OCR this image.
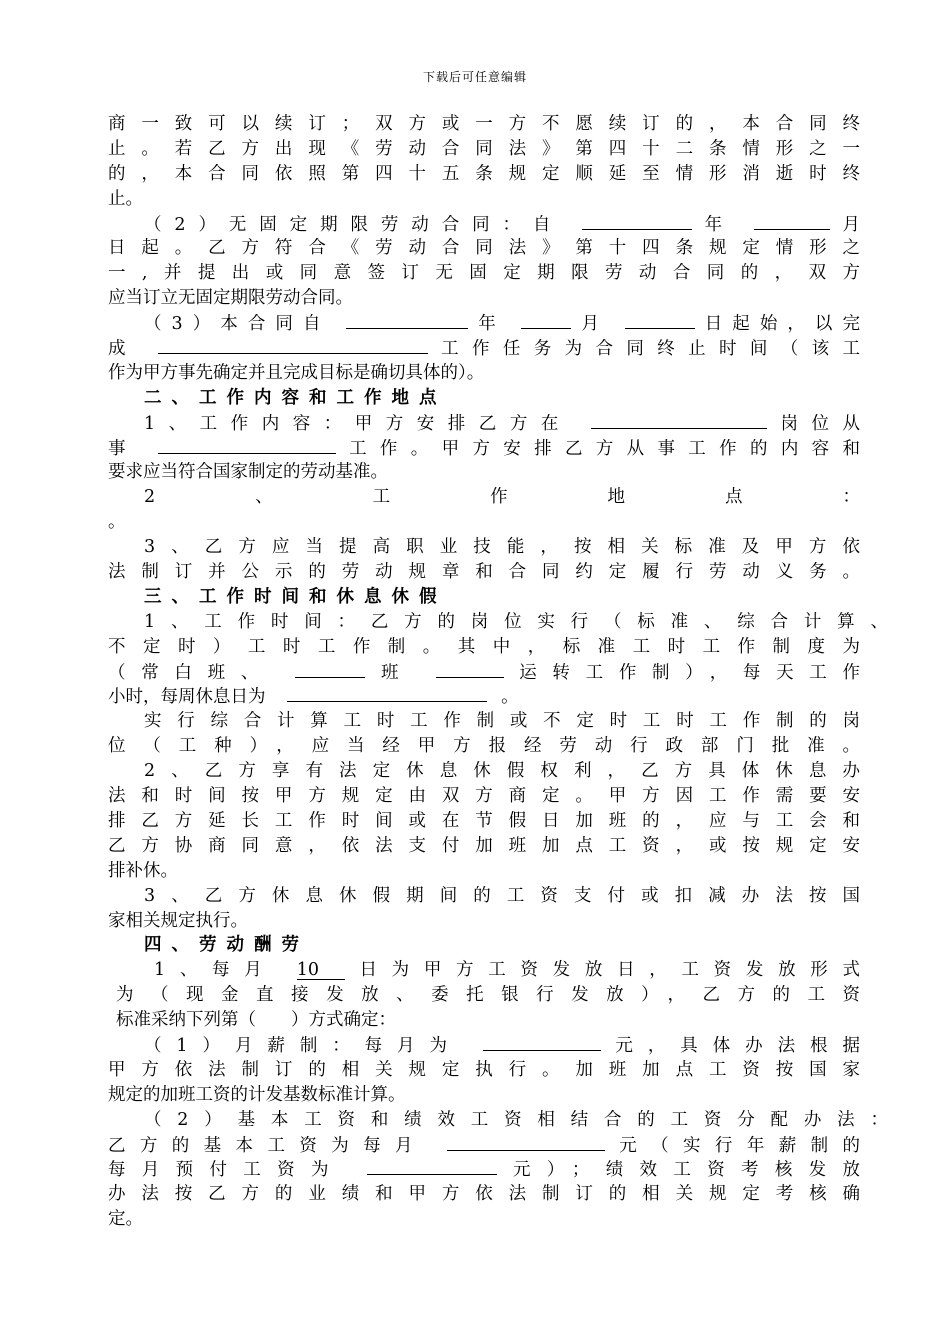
下载后可任意编辑
商一致可以续订；双方或一方不愿续订的，本合同终
止。若乙方出现《劳动合同法》第四十二条情形之一
的，本合同依照第四十五条规定顺延至情形消逝时终
止。
（2）无固定期限劳动合同：自	年	月
日起。乙方符合《劳动合同法》第十四条规定情形之
一,并提出或同意签订无固定期限劳动合同的，双方
应当订立无固定期限劳动合同。
（3）本合同自	年	月	日起始，以完
成	工作任务为合同终止时间（该工
作为甲方事先确定并且完成目标是确切具体的）。
二、工作内容和工作地点
1、工作内容：甲方安排乙方在	岗位从
事	工作。甲方安排乙方从事工作的内容和
要求应当符合国家制定的劳动基准。
2、工作地点：
。
3、乙方应当提高职业技能，按相关标准及甲方依
法制订并公示的劳动规章和合同约定履行劳动义务。
三、工作时间和休息休假
1、工作时间：乙方的岗位实行（标准、综合计算、
不定时）工时工作制。其中，标准工时工作制度为
（常白班、	班	运转工作制），每天工作
小时，每周休息日为	。
实行综合计算工时工作制或不定时工时工作制的岗
位（工种），应当经甲方报经劳动行政部门批准。
2、乙方享有法定休息休假权利，乙方具体休息办
法和时间按甲方规定由双方商定。甲方因工作需要安
排乙方延长工作时间或在节假日加班的，应与工会和
乙方协商同意，依法支付加班加点工资，或按规定安
排补休。
3、乙方休息休假期间的工资支付或扣减办法按国
家相关规定执行。
四、劳动酬劳
1、每月 10 日为甲方工资发放日，工资发放形式
为（现金直接发放、委托银行发放），乙方的工资
标准采纳下列第（　　）方式确定：
（1）月薪制：每月为	元，具体办法根据
甲方依法制订的相关规定执行。加班加点工资按国家
规定的加班工资的计发基数标准计算。
（2）基本工资和绩效工资相结合的工资分配办法：
乙方的基本工资为每月	元（实行年薪制的
每月预付工资为	元）；绩效工资考核发放
办法按乙方的业绩和甲方依法制订的相关规定考核确
定。
